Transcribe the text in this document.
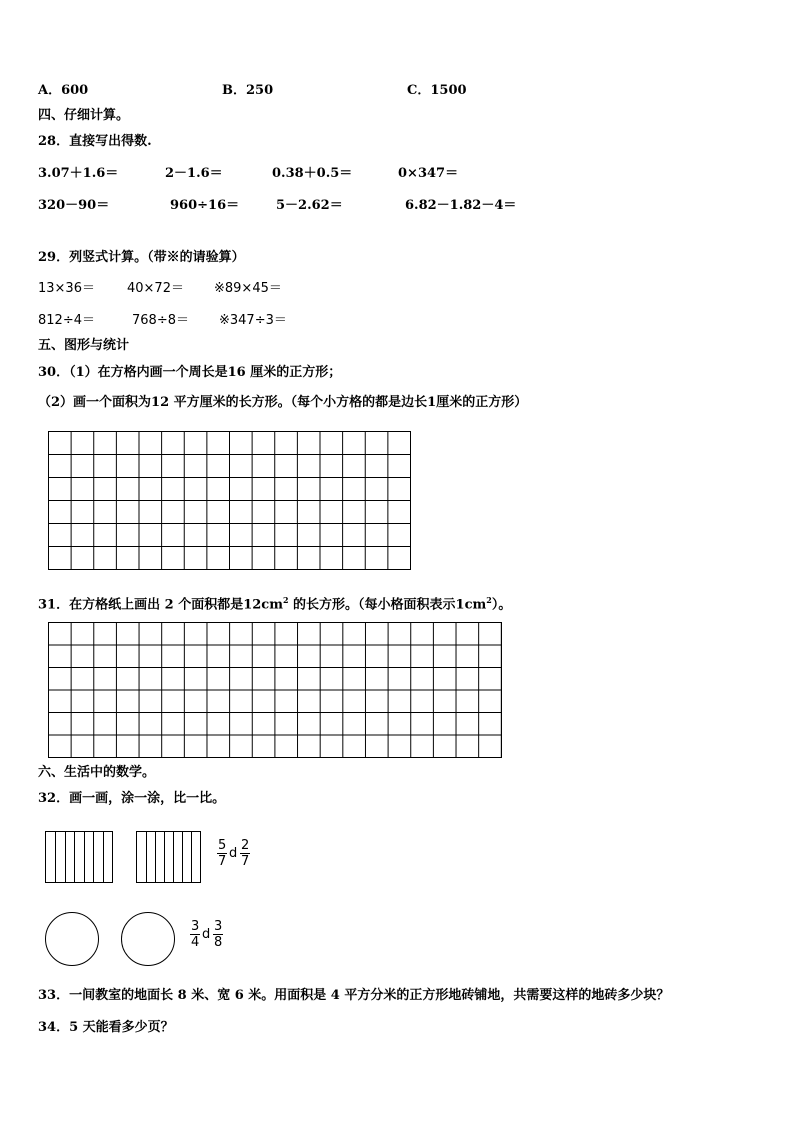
A．600	B．250	C．1500
四、仔细计算。
28．直接写出得数.
3.07＋1.6＝	2－1.6＝	0.38＋0.5＝	0×347＝
320－90＝	960÷16＝	5－2.62＝	6.82－1.82－4＝
29．列竖式计算。（带※的请验算）
13×36＝ 40×72＝ ※89×45＝
812÷4＝	768÷8＝ ※347÷3＝
五、图形与统计
30．（1）在方格内画一个周长是16 厘米的正方形；
（2）画一个面积为12 平方厘米的长方形。（每个小方格的都是边长1厘米的正方形）
31．在方格纸上画出 2 个面积都是$12cm^2$ 的长方形。（每小格面积表示$1cm^2$）。
六、生活中的数学。
32．画一画，涂一涂，比一比。
$\frac{5}{7}$ d $\frac{2}{7}$
$\frac{3}{4}$ d $\frac{3}{8}$
33．一间教室的地面长 8 米、宽 6 米。用面积是 4 平方分米的正方形地砖铺地，共需要这样的地砖多少块？
34．5 天能看多少页？
